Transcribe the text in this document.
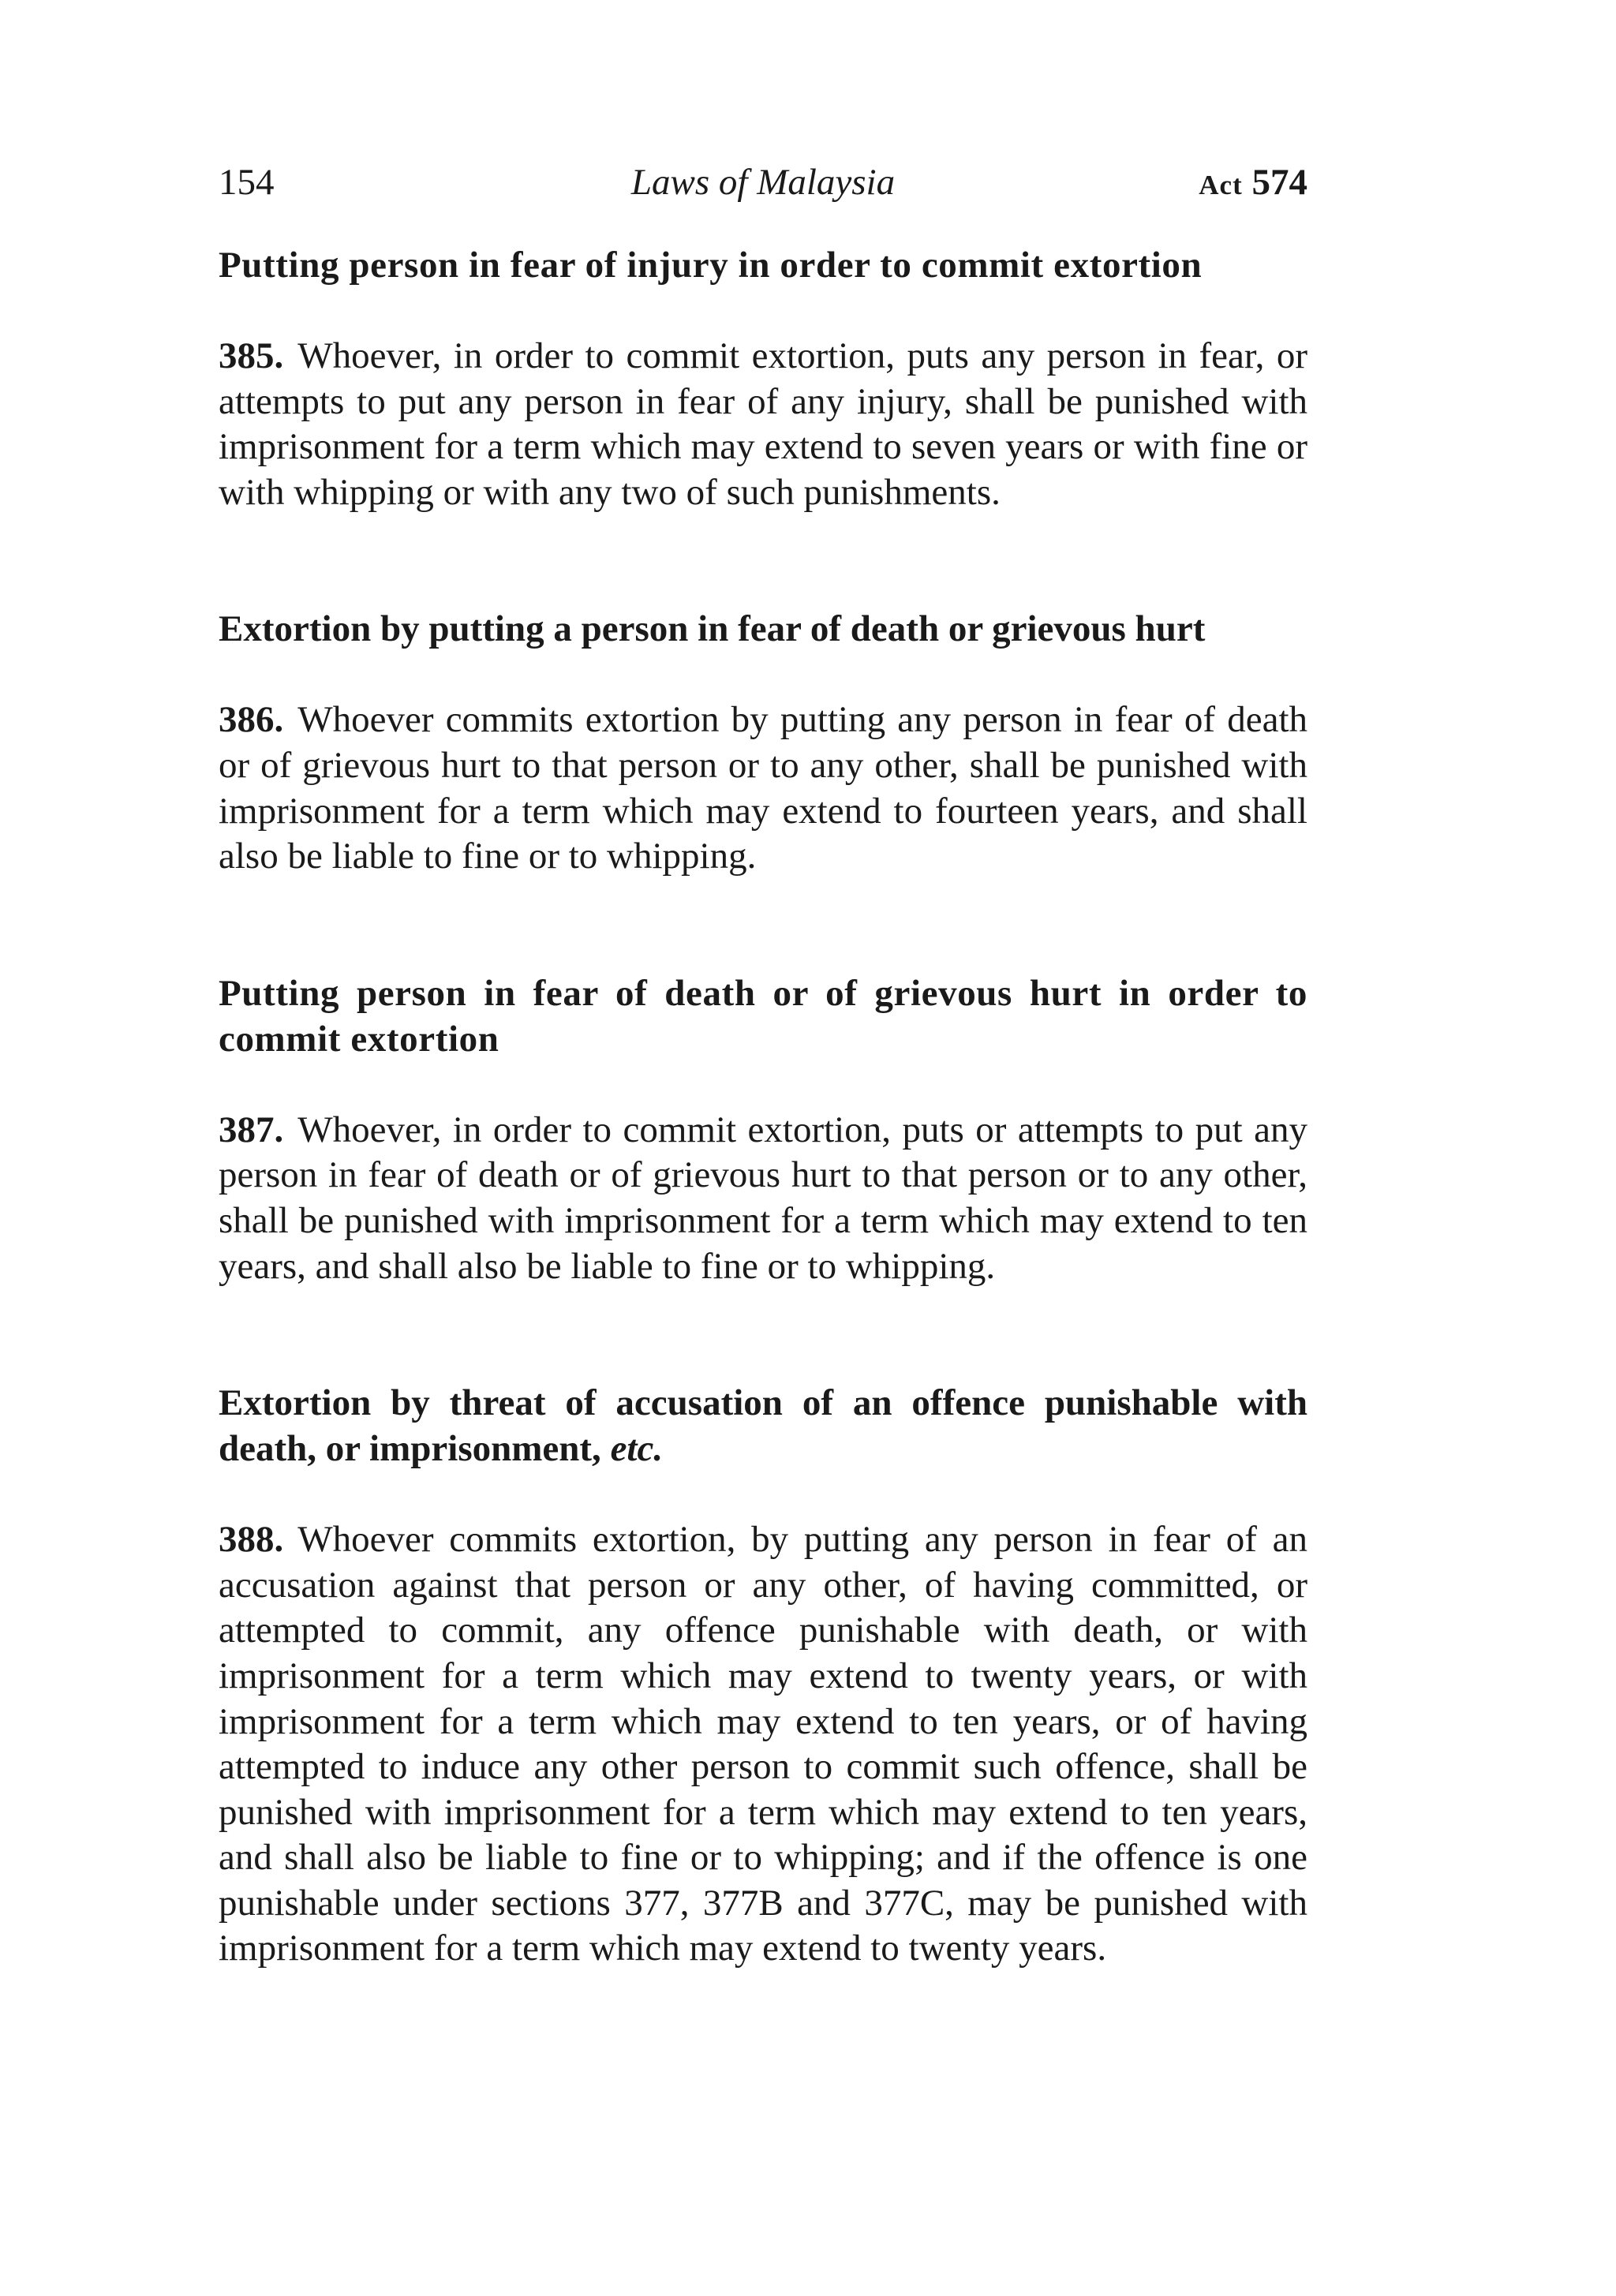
154	Laws of Malaysia	Act 574

Putting person in fear of injury in order to commit extortion

385. Whoever, in order to commit extortion, puts any person in fear, or attempts to put any person in fear of any injury, shall be punished with imprisonment for a term which may extend to seven years or with fine or with whipping or with any two of such punishments.

Extortion by putting a person in fear of death or grievous hurt

386. Whoever commits extortion by putting any person in fear of death or of grievous hurt to that person or to any other, shall be punished with imprisonment for a term which may extend to fourteen years, and shall also be liable to fine or to whipping.

Putting person in fear of death or of grievous hurt in order to commit extortion

387. Whoever, in order to commit extortion, puts or attempts to put any person in fear of death or of grievous hurt to that person or to any other, shall be punished with imprisonment for a term which may extend to ten years, and shall also be liable to fine or to whipping.

Extortion by threat of accusation of an offence punishable with death, or imprisonment, etc.

388. Whoever commits extortion, by putting any person in fear of an accusation against that person or any other, of having committed, or attempted to commit, any offence punishable with death, or with imprisonment for a term which may extend to twenty years, or with imprisonment for a term which may extend to ten years, or of having attempted to induce any other person to commit such offence, shall be punished with imprisonment for a term which may extend to ten years, and shall also be liable to fine or to whipping; and if the offence is one punishable under sections 377, 377B and 377C, may be punished with imprisonment for a term which may extend to twenty years.
